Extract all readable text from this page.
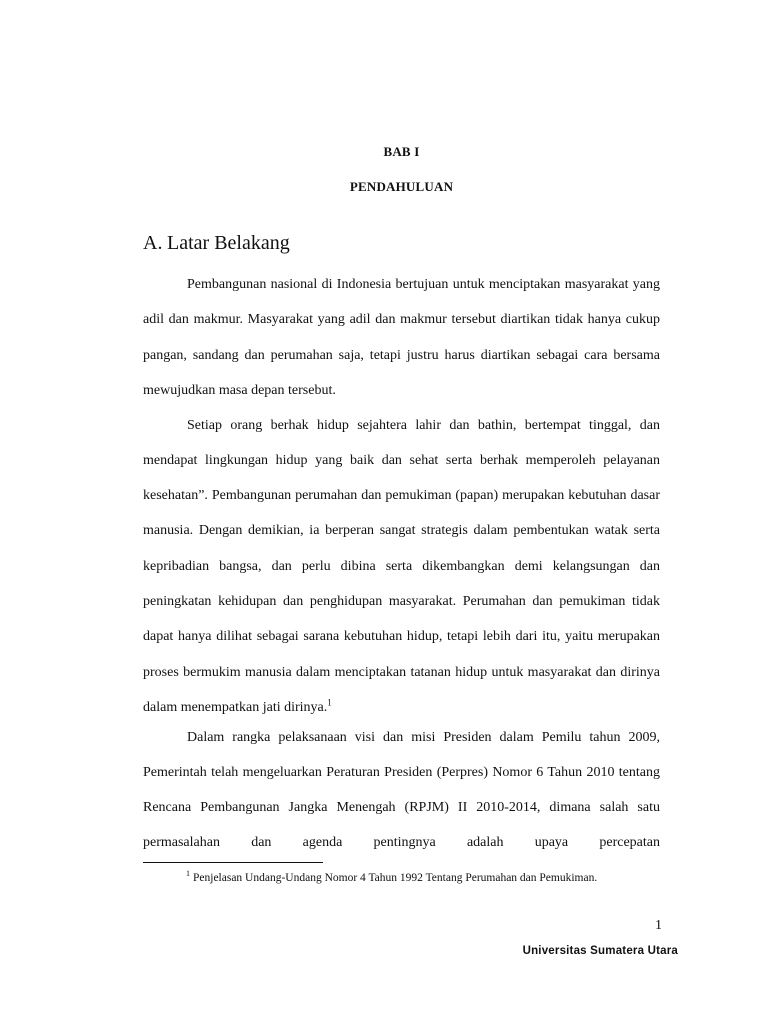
BAB I
PENDAHULUAN
A. Latar Belakang

Pembangunan nasional di Indonesia bertujuan untuk menciptakan masyarakat yang adil dan makmur. Masyarakat yang adil dan makmur tersebut diartikan tidak hanya cukup pangan, sandang dan perumahan saja, tetapi justru harus diartikan sebagai cara bersama mewujudkan masa depan tersebut.

Setiap orang berhak hidup sejahtera lahir dan bathin, bertempat tinggal, dan mendapat lingkungan hidup yang baik dan sehat serta berhak memperoleh pelayanan kesehatan”. Pembangunan perumahan dan pemukiman (papan) merupakan kebutuhan dasar manusia. Dengan demikian, ia berperan sangat strategis dalam pembentukan watak serta kepribadian bangsa, dan perlu dibina serta dikembangkan demi kelangsungan dan peningkatan kehidupan dan penghidupan masyarakat. Perumahan dan pemukiman tidak dapat hanya dilihat sebagai sarana kebutuhan hidup, tetapi lebih dari itu, yaitu merupakan proses bermukim manusia dalam menciptakan tatanan hidup untuk masyarakat dan dirinya dalam menempatkan jati dirinya.$^1$

Dalam rangka pelaksanaan visi dan misi Presiden dalam Pemilu tahun 2009, Pemerintah telah mengeluarkan Peraturan Presiden (Perpres) Nomor 6 Tahun 2010 tentang Rencana Pembangunan Jangka Menengah (RPJM) II 2010-2014, dimana salah satu permasalahan dan agenda pentingnya adalah upaya percepatan

$^1$ Penjelasan Undang-Undang Nomor 4 Tahun 1992 Tentang Perumahan dan Pemukiman.
1
Universitas Sumatera Utara
